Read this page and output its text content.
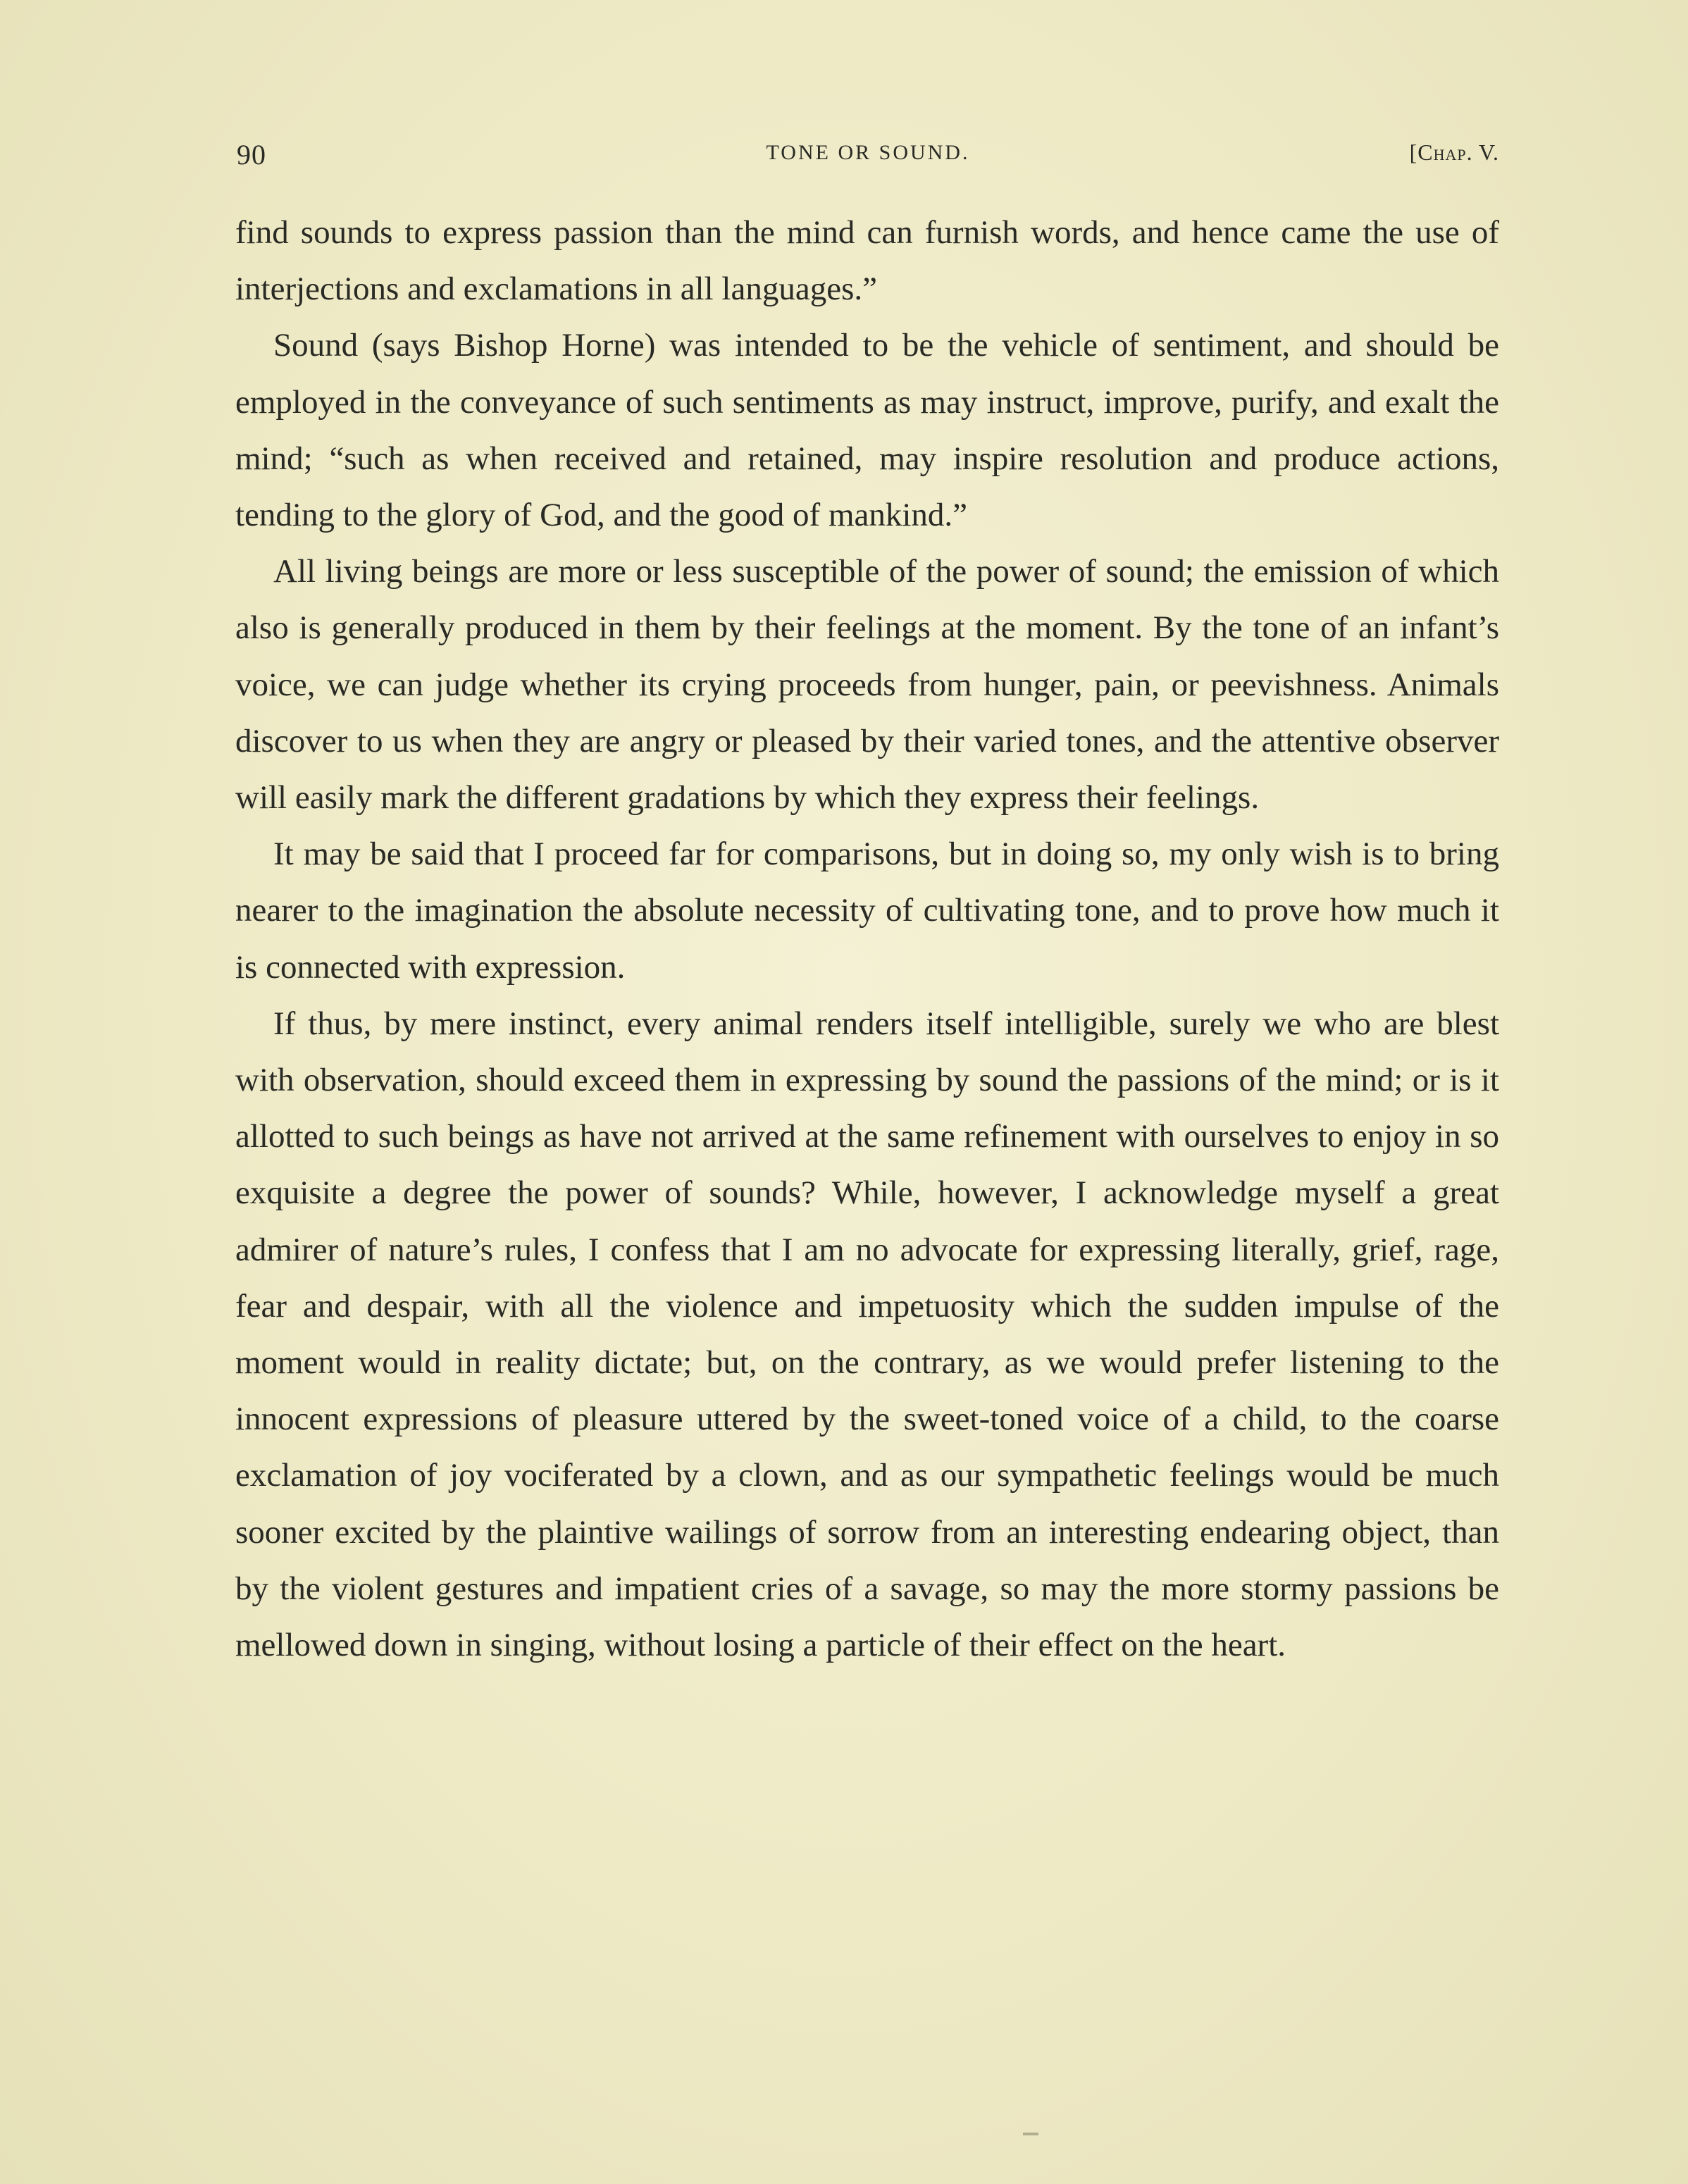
90	TONE OR SOUND.	[Chap. V.

find sounds to express passion than the mind can furnish words, and hence came the use of interjections and exclamations in all languages.”

Sound (says Bishop Horne) was intended to be the vehicle of sentiment, and should be employed in the conveyance of such sentiments as may instruct, improve, purify, and exalt the mind; “such as when received and retained, may inspire resolution and produce actions, tending to the glory of God, and the good of mankind.”

All living beings are more or less susceptible of the power of sound; the emission of which also is generally produced in them by their feelings at the moment. By the tone of an infant’s voice, we can judge whether its crying proceeds from hunger, pain, or peevishness. Animals discover to us when they are angry or pleased by their varied tones, and the attentive observer will easily mark the different gradations by which they express their feelings.

It may be said that I proceed far for comparisons, but in doing so, my only wish is to bring nearer to the imagination the absolute necessity of cultivating tone, and to prove how much it is connected with expression.

If thus, by mere instinct, every animal renders itself intelligible, surely we who are blest with observation, should exceed them in expressing by sound the passions of the mind; or is it allotted to such beings as have not arrived at the same refinement with ourselves to enjoy in so exquisite a degree the power of sounds? While, however, I acknowledge myself a great admirer of nature’s rules, I confess that I am no advocate for expressing literally, grief, rage, fear and despair, with all the violence and impetuosity which the sudden impulse of the moment would in reality dictate; but, on the contrary, as we would prefer listening to the innocent expressions of pleasure uttered by the sweet-toned voice of a child, to the coarse exclamation of joy vociferated by a clown, and as our sympathetic feelings would be much sooner excited by the plaintive wailings of sorrow from an interesting endearing object, than by the violent gestures and impatient cries of a savage, so may the more stormy passions be mellowed down in singing, without losing a particle of their effect on the heart.
